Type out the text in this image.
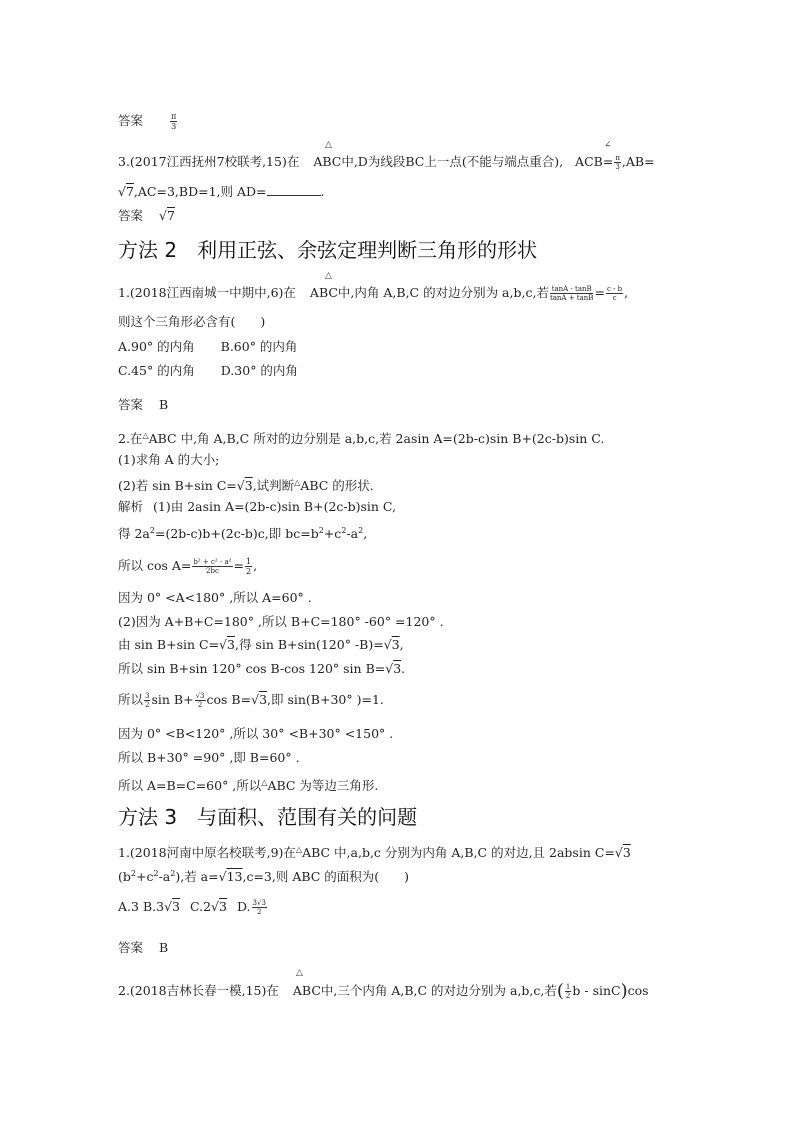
答案	$\frac{\pi}{3}$
△	∠
3.(2017江西抚州7校联考,15)在 ABC中,D为线段BC上一点(不能与端点重合), $ACB= \frac{\pi}{3} ,AB=$
√7,AC=3,BD=1,则 AD=	.
答案 √7
方法 2　利用正弦、余弦定理判断三角形的形状
△
1.(2018江西南城一中期中,6)在 ABC中,内角 A,B,C 的对边分别为 a,b,c,若 $\frac{\tan A - \tan B}{\tan A + \tan B} = \frac{c - b}{c}$ ,
则这个三角形必含有(　　)
A.90° 的内角 B.60° 的内角
C.45° 的内角 D.30° 的内角
答案 B
2.在△ABC 中,角 A,B,C 所对的边分别是 a,b,c,若 2asin A=(2b-c)sin B+(2c-b)sin C.
(1)求角 A 的大小;
(2)若 sin B+sin C=√3,试判断△ABC 的形状.
解析 (1)由 2asin A=(2b-c)sin B+(2c-b)sin C,
得 $2a^2=(2b-c)b+(2c-b)c$,即 $bc=b^2+c^2-a^2$,
所以 $\cos A= \frac{\text{b² + c² - a²}}{2bc} = \frac{1}{2}$ ,
因为 0° <A<180° ,所以 A=60° .
(2)因为 A+B+C=180° ,所以 B+C=180° -60° =120° .
由 sin B+sin C=√3,得 sin B+sin(120° -B)=√3,
所以 sin B+sin 120° cos B-cos 120° sin B=√3.
所以 $\frac{3}{2}$ $\sin B+ \frac{√3}{2}$ cos B=√3,即 sin(B+30° )=1.
因为 0° <B<120° ,所以 30° <B+30° <150° .
所以 B+30° =90° ,即 B=60° .
所以 A=B=C=60° ,所以△ABC 为等边三角形.
方法 3　与面积、范围有关的问题
1.(2018河南中原名校联考,9)在△ABC 中,a,b,c 分别为内角 A,B,C 的对边,且 2absin C=√3
$(b^2+c^2-a^2)$,若 a=√13,c=3,则 ABC 的面积为(　　)
A.3 B.3√3 C.2√3 D. $\frac{3√3}{2}$
答案 B
△
2.(2018吉林长春一模,15)在 ABC中,三个内角 A,B,C 的对边分别为 a,b,c,若( $\frac{1}{2}$ b - sinC)cos
